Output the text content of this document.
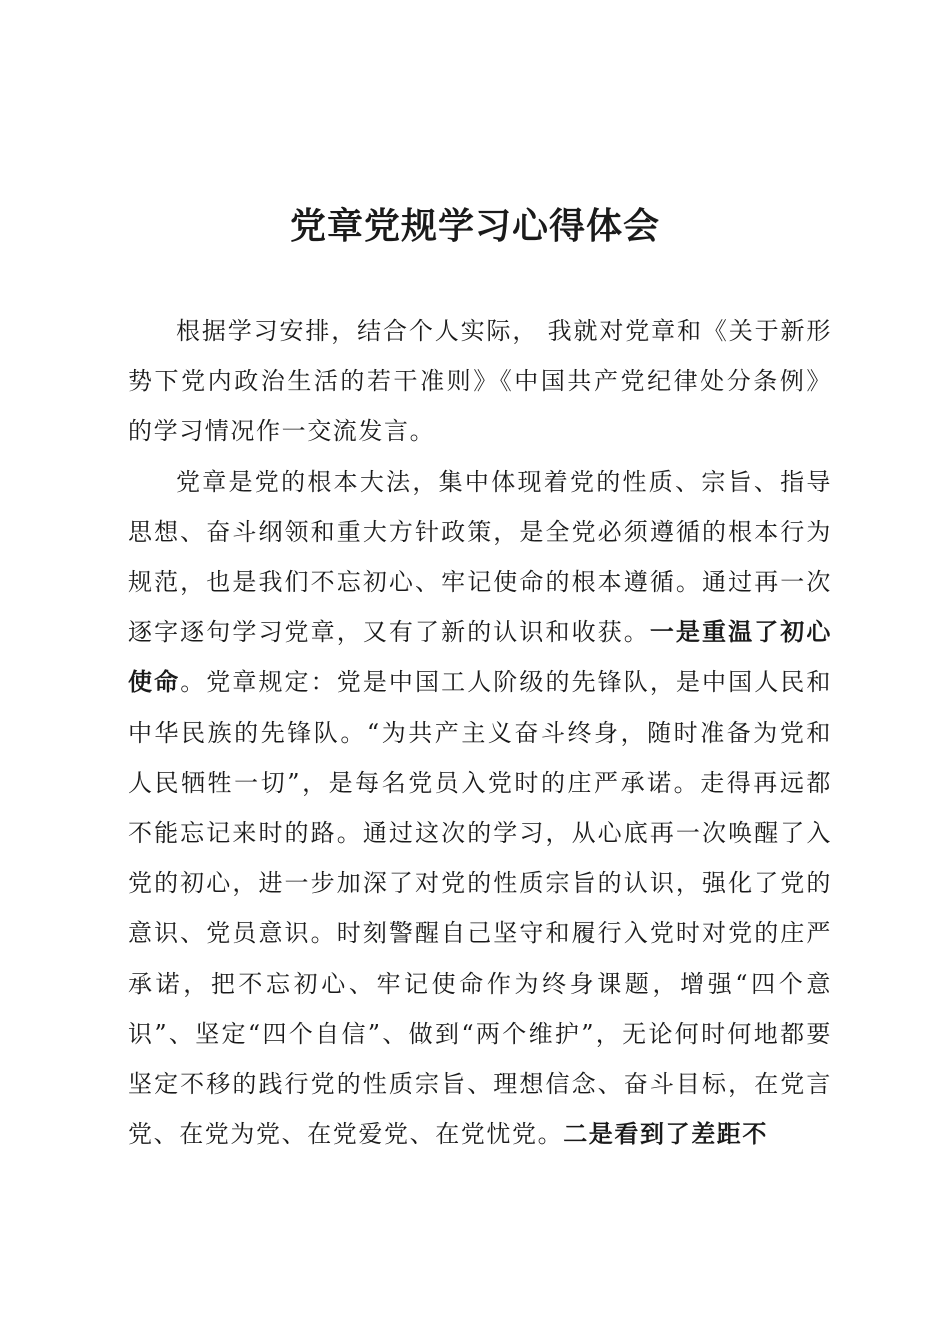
党章党规学习心得体会

根据学习安排，结合个人实际， 我就对党章和《关于新形势下党内政治生活的若干准则》《中国共产党纪律处分条例》的学习情况作一交流发言。

党章是党的根本大法，集中体现着党的性质、宗旨、指导思想、奋斗纲领和重大方针政策，是全党必须遵循的根本行为规范，也是我们不忘初心、牢记使命的根本遵循。通过再一次逐字逐句学习党章，又有了新的认识和收获。一是重温了初心使命。党章规定：党是中国工人阶级的先锋队，是中国人民和中华民族的先锋队。“为共产主义奋斗终身，随时准备为党和人民牺牲一切”，是每名党员入党时的庄严承诺。走得再远都不能忘记来时的路。通过这次的学习，从心底再一次唤醒了入党的初心，进一步加深了对党的性质宗旨的认识，强化了党的意识、党员意识。时刻警醒自己坚守和履行入党时对党的庄严承诺，把不忘初心、牢记使命作为终身课题，增强“四个意识”、坚定“四个自信”、做到“两个维护”，无论何时何地都要坚定不移的践行党的性质宗旨、理想信念、奋斗目标，在党言党、在党为党、在党爱党、在党忧党。二是看到了差距不
